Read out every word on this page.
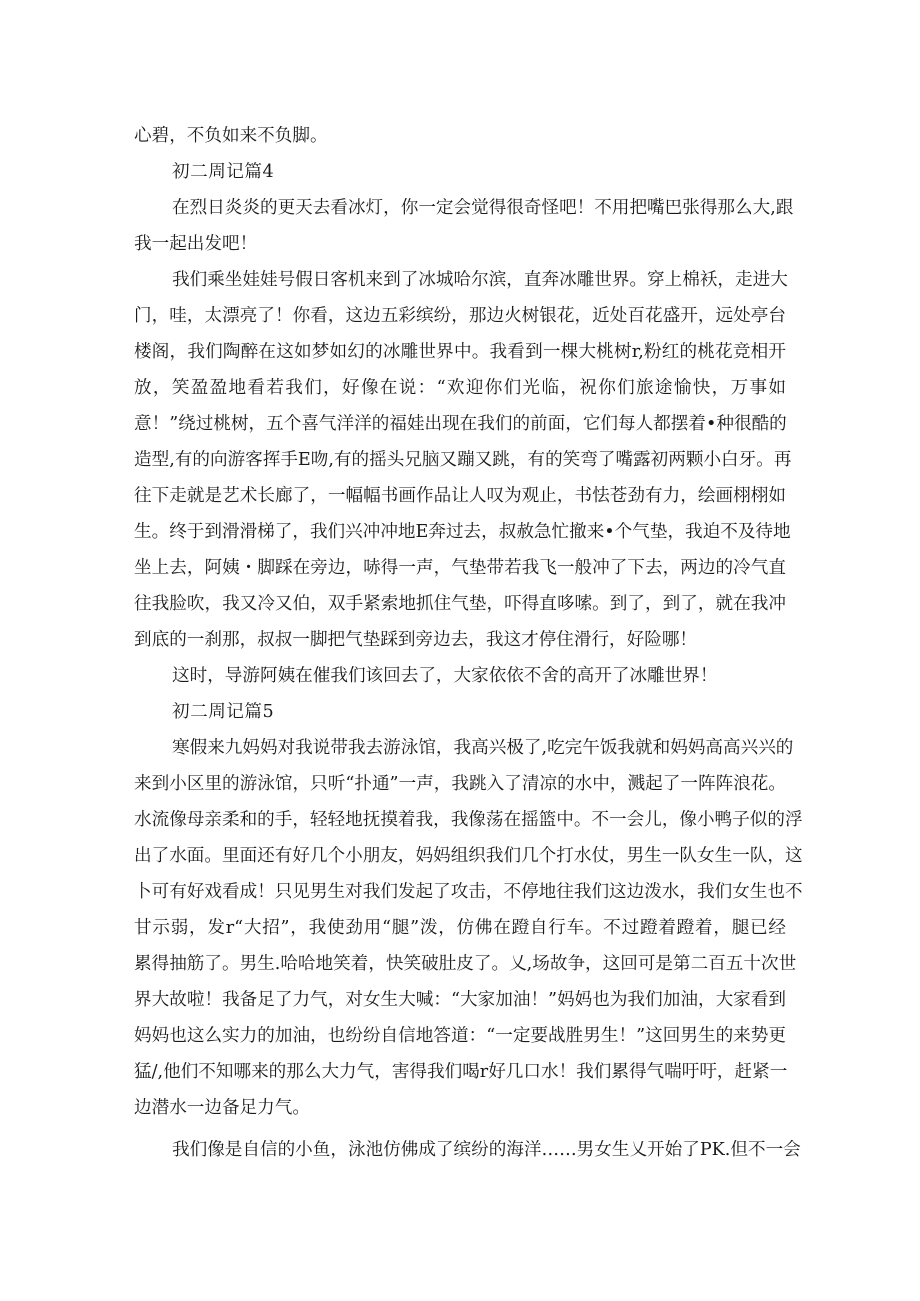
心碧，不负如来不负脚。
初二周记篇4
在烈日炎炎的更天去看冰灯，你一定会觉得很奇怪吧！不用把嘴巴张得那么大,跟
我一起出发吧！
我们乘坐娃娃号假日客机来到了冰城哈尔滨，直奔冰雕世界。穿上棉袄，走进大
门，哇，太漂亮了！你看，这边五彩缤纷，那边火树银花，近处百花盛开，远处亭台
楼阁，我们陶醉在这如梦如幻的冰雕世界中。我看到一棵大桃树r,粉红的桃花竞相开
放，笑盈盈地看若我们，好像在说：“欢迎你们光临，祝你们旅途愉快，万事如
意！”绕过桃树，五个喜气洋洋的福娃出现在我们的前面，它们每人都摆着•种很酷的
造型,有的向游客挥手E吻,有的摇头兄脑又蹦又跳，有的笑弯了嘴露初两颗小白牙。再
往下走就是艺术长廊了，一幅幅书画作品让人叹为观止，书怯苍劲有力，绘画栩栩如
生。终于到滑滑梯了，我们兴冲冲地E奔过去，叔赦急忙撤来•个气垫，我迫不及待地
坐上去，阿姨・脚踩在旁边，哧得一声，气垫带若我飞一般冲了下去，两边的冷气直
往我脸吹，我又冷又伯，双手紧索地抓住气垫，吓得直哆嗦。到了，到了，就在我冲
到底的一刹那，叔叔一脚把气垫踩到旁边去，我这才停住滑行，好险哪！
这时，导游阿姨在催我们该回去了，大家依依不舍的高开了冰雕世界！
初二周记篇5
寒假来九妈妈对我说带我去游泳馆，我高兴极了,吃完午饭我就和妈妈高高兴兴的
来到小区里的游泳馆，只听“扑通”一声，我跳入了清凉的水中，溅起了一阵阵浪花。
水流像母亲柔和的手，轻轻地抚摸着我，我像荡在摇篮中。不一会儿，像小鸭子似的浮
出了水面。里面还有好几个小朋友，妈妈组织我们几个打水仗，男生一队女生一队，这
卜可有好戏看成！只见男生对我们发起了攻击，不停地往我们这边泼水，我们女生也不
甘示弱，发r“大招”，我使劲用“腿”泼，仿佛在蹬自行车。不过蹬着蹬着，腿已经
累得抽筋了。男生.哈哈地笑着，快笑破肚皮了。乂,场故争，这回可是第二百五十次世
界大故啦！我备足了力气，对女生大喊：“大家加油！”妈妈也为我们加油，大家看到
妈妈也这么实力的加油，也纷纷自信地答道：“一定要战胜男生！”这回男生的来势更
猛/,他们不知哪来的那么大力气，害得我们喝r好几口水！我们累得气喘吁吁，赶紧一
边潜水一边备足力气。
我们像是自信的小鱼，泳池仿佛成了缤纷的海洋……男女生乂开始了PK.但不一会
